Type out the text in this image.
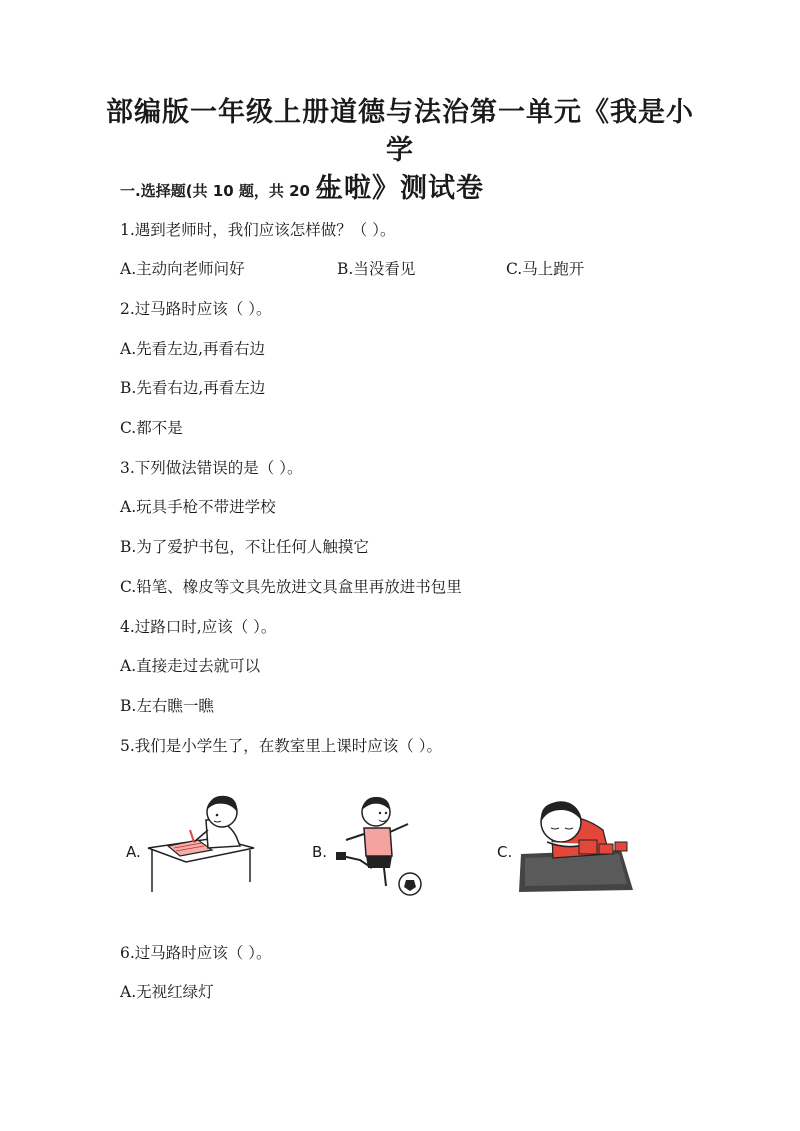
部编版一年级上册道德与法治第一单元《我是小学
生啦》测试卷
一.选择题(共 10 题，共 20 分)
1.遇到老师时，我们应该怎样做？（ ）。
A.主动向老师问好	B.当没看见	C.马上跑开
2.过马路时应该（ ）。
A.先看左边,再看右边
B.先看右边,再看左边
C.都不是
3.下列做法错误的是（ ）。
A.玩具手枪不带进学校
B.为了爱护书包，不让任何人触摸它
C.铅笔、橡皮等文具先放进文具盒里再放进书包里
4.过路口时,应该（ ）。
A.直接走过去就可以
B.左右瞧一瞧
5.我们是小学生了，在教室里上课时应该（ ）。
A.	B.	C.
6.过马路时应该（ ）。
A.无视红绿灯
